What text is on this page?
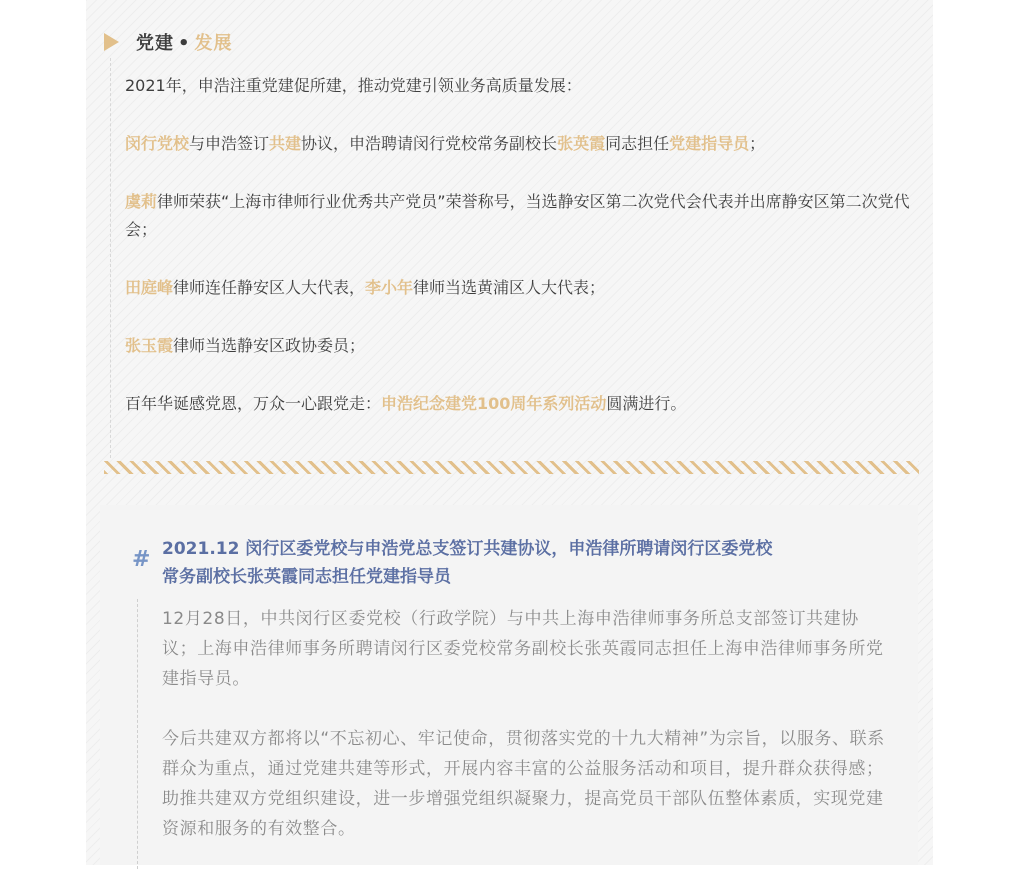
党建 • 发展

2021年，申浩注重党建促所建，推动党建引领业务高质量发展：

闵行党校与申浩签订共建协议，申浩聘请闵行党校常务副校长张英霞同志担任党建指导员；

虞莉律师荣获“上海市律师行业优秀共产党员”荣誉称号，当选静安区第二次党代会代表并出席静安区第二次党代会；

田庭峰律师连任静安区人大代表，李小年律师当选黄浦区人大代表；

张玉霞律师当选静安区政协委员；

百年华诞感党恩，万众一心跟党走：申浩纪念建党100周年系列活动圆满进行。

# 2021.12 闵行区委党校与申浩党总支签订共建协议，申浩律所聘请闵行区委党校
常务副校长张英霞同志担任党建指导员

12月28日，中共闵行区委党校（行政学院）与中共上海申浩律师事务所总支部签订共建协议；上海申浩律师事务所聘请闵行区委党校常务副校长张英霞同志担任上海申浩律师事务所党建指导员。

今后共建双方都将以“不忘初心、牢记使命，贯彻落实党的十九大精神”为宗旨，以服务、联系群众为重点，通过党建共建等形式，开展内容丰富的公益服务活动和项目，提升群众获得感；助推共建双方党组织建设，进一步增强党组织凝聚力，提高党员干部队伍整体素质，实现党建资源和服务的有效整合。
